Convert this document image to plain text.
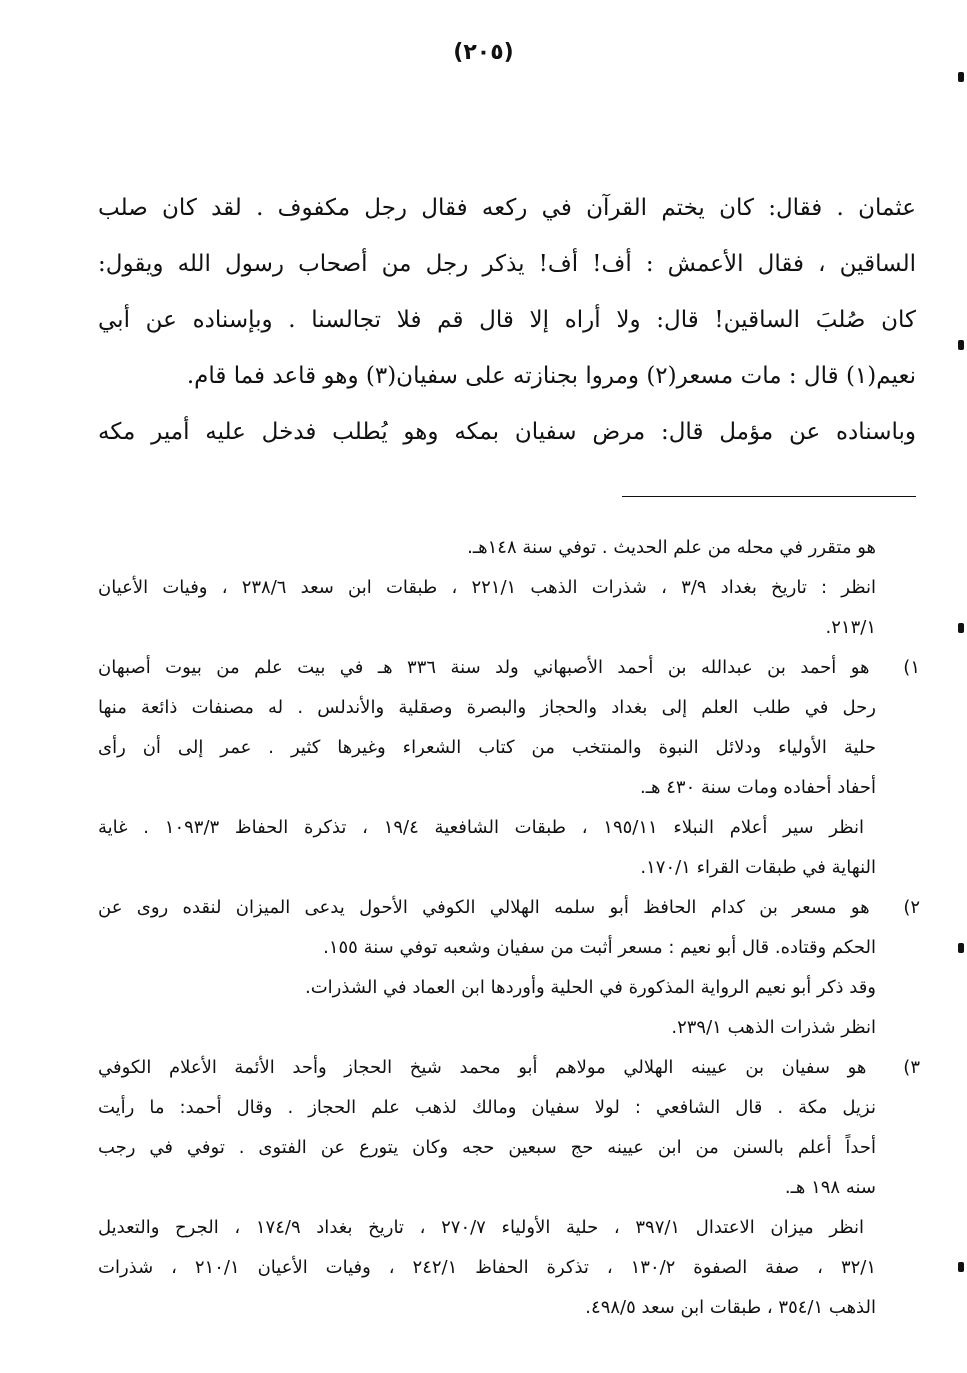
(٢٠٥)
عثمان . فقال: كان يختم القرآن في ركعه فقال رجل مكفوف . لقد كان صلب
الساقين ، فقال الأعمش : أف! أف! يذكر رجل من أصحاب رسول الله ويقول:
كان صُلبَ الساقين! قال: ولا أراه إلا قال قم فلا تجالسنا . وبإسناده عن أبي
نعيم(١) قال : مات مسعر(٢) ومروا بجنازته على سفيان(٣) وهو قاعد فما قام.
وباسناده عن مؤمل قال: مرض سفيان بمكه وهو يُطلب فدخل عليه أمير مكه
هو متقرر في محله من علم الحديث . توفي سنة ١٤٨هـ.
انظر : تاريخ بغداد ٣/٩ ، شذرات الذهب ٢٢١/١ ، طبقات ابن سعد ٢٣٨/٦ ، وفيات الأعيان
٢١٣/١.
١) هو أحمد بن عبدالله بن أحمد الأصبهاني ولد سنة ٣٣٦ هـ في بيت علم من بيوت أصبهان
رحل في طلب العلم إلى بغداد والحجاز والبصرة وصقلية والأندلس . له مصنفات ذائعة منها
حلية الأولياء ودلائل النبوة والمنتخب من كتاب الشعراء وغيرها كثير . عمر إلى أن رأى
أحفاد أحفاده ومات سنة ٤٣٠ هـ.
انظر سير أعلام النبلاء ١٩٥/١١ ، طبقات الشافعية ١٩/٤ ، تذكرة الحفاظ ١٠٩٣/٣ . غاية
النهاية في طبقات القراء ١٧٠/١.
٢) هو مسعر بن كدام الحافظ أبو سلمه الهلالي الكوفي الأحول يدعى الميزان لنقده روى عن
الحكم وقتاده. قال أبو نعيم : مسعر أثبت من سفيان وشعبه توفي سنة ١٥٥.
وقد ذكر أبو نعيم الرواية المذكورة في الحلية وأوردها ابن العماد في الشذرات.
انظر شذرات الذهب ٢٣٩/١.
٣) هو سفيان بن عيينه الهلالي مولاهم أبو محمد شيخ الحجاز وأحد الأئمة الأعلام الكوفي
نزيل مكة . قال الشافعي : لولا سفيان ومالك لذهب علم الحجاز . وقال أحمد: ما رأيت
أحداً أعلم بالسنن من ابن عيينه حج سبعين حجه وكان يتورع عن الفتوى . توفي في رجب
سنه ١٩٨ هـ.
انظر ميزان الاعتدال ٣٩٧/١ ، حلية الأولياء ٢٧٠/٧ ، تاريخ بغداد ١٧٤/٩ ، الجرح والتعديل
٣٢/١ ، صفة الصفوة ١٣٠/٢ ، تذكرة الحفاظ ٢٤٢/١ ، وفيات الأعيان ٢١٠/١ ، شذرات
الذهب ٣٥٤/١ ، طبقات ابن سعد ٤٩٨/٥.
